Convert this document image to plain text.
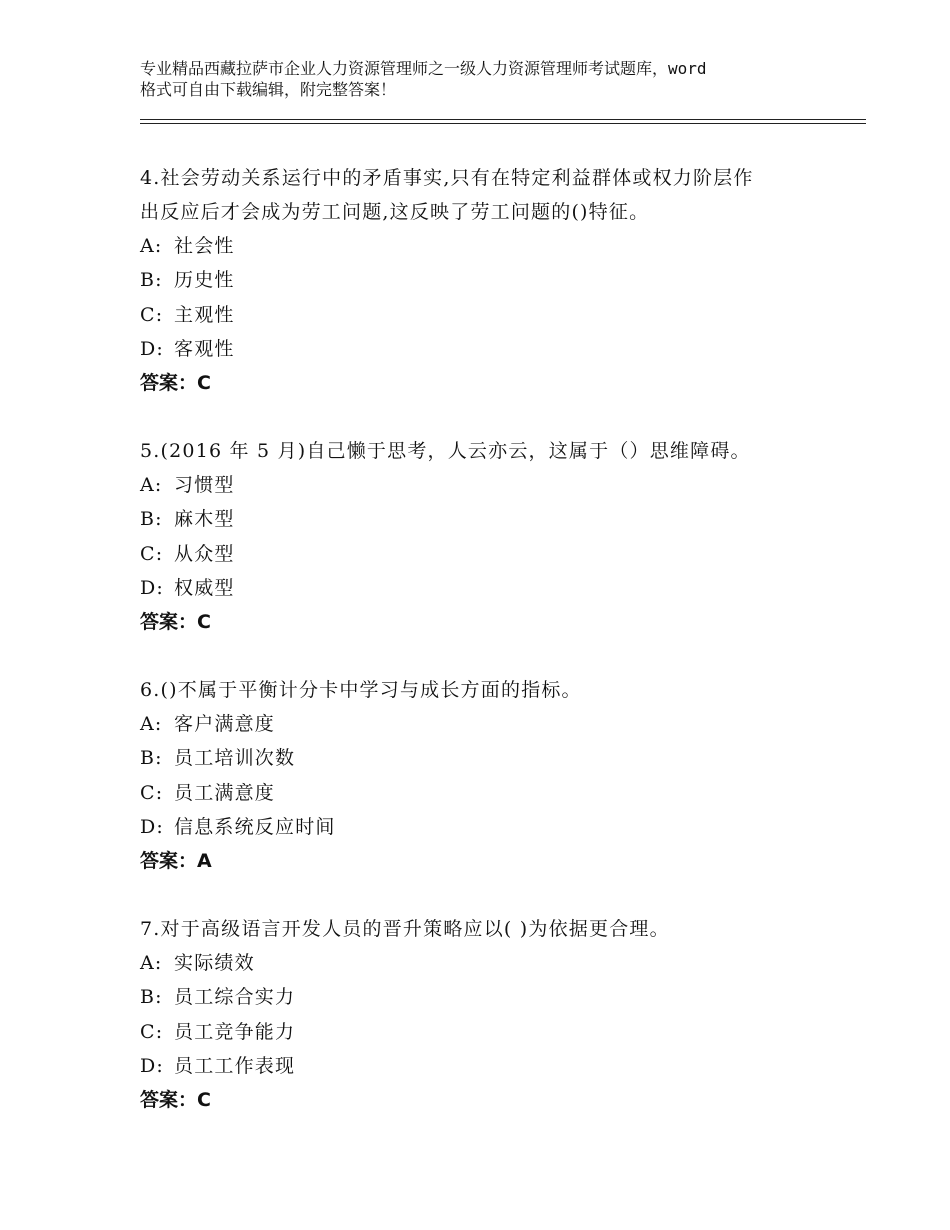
专业精品西藏拉萨市企业人力资源管理师之一级人力资源管理师考试题库，word
格式可自由下载编辑，附完整答案！

4.社会劳动关系运行中的矛盾事实,只有在特定利益群体或权力阶层作

出反应后才会成为劳工问题,这反映了劳工问题的()特征。

A: 社会性

B: 历史性

C: 主观性

D: 客观性

答案：C

5.(2016 年 5 月)自己懒于思考，人云亦云，这属于（）思维障碍。

A: 习惯型

B: 麻木型

C: 从众型

D: 权威型

答案：C

6.()不属于平衡计分卡中学习与成长方面的指标。

A: 客户满意度

B: 员工培训次数

C: 员工满意度

D: 信息系统反应时间

答案：A

7.对于高级语言开发人员的晋升策略应以( )为依据更合理。

A: 实际绩效

B: 员工综合实力

C: 员工竞争能力

D: 员工工作表现

答案：C
